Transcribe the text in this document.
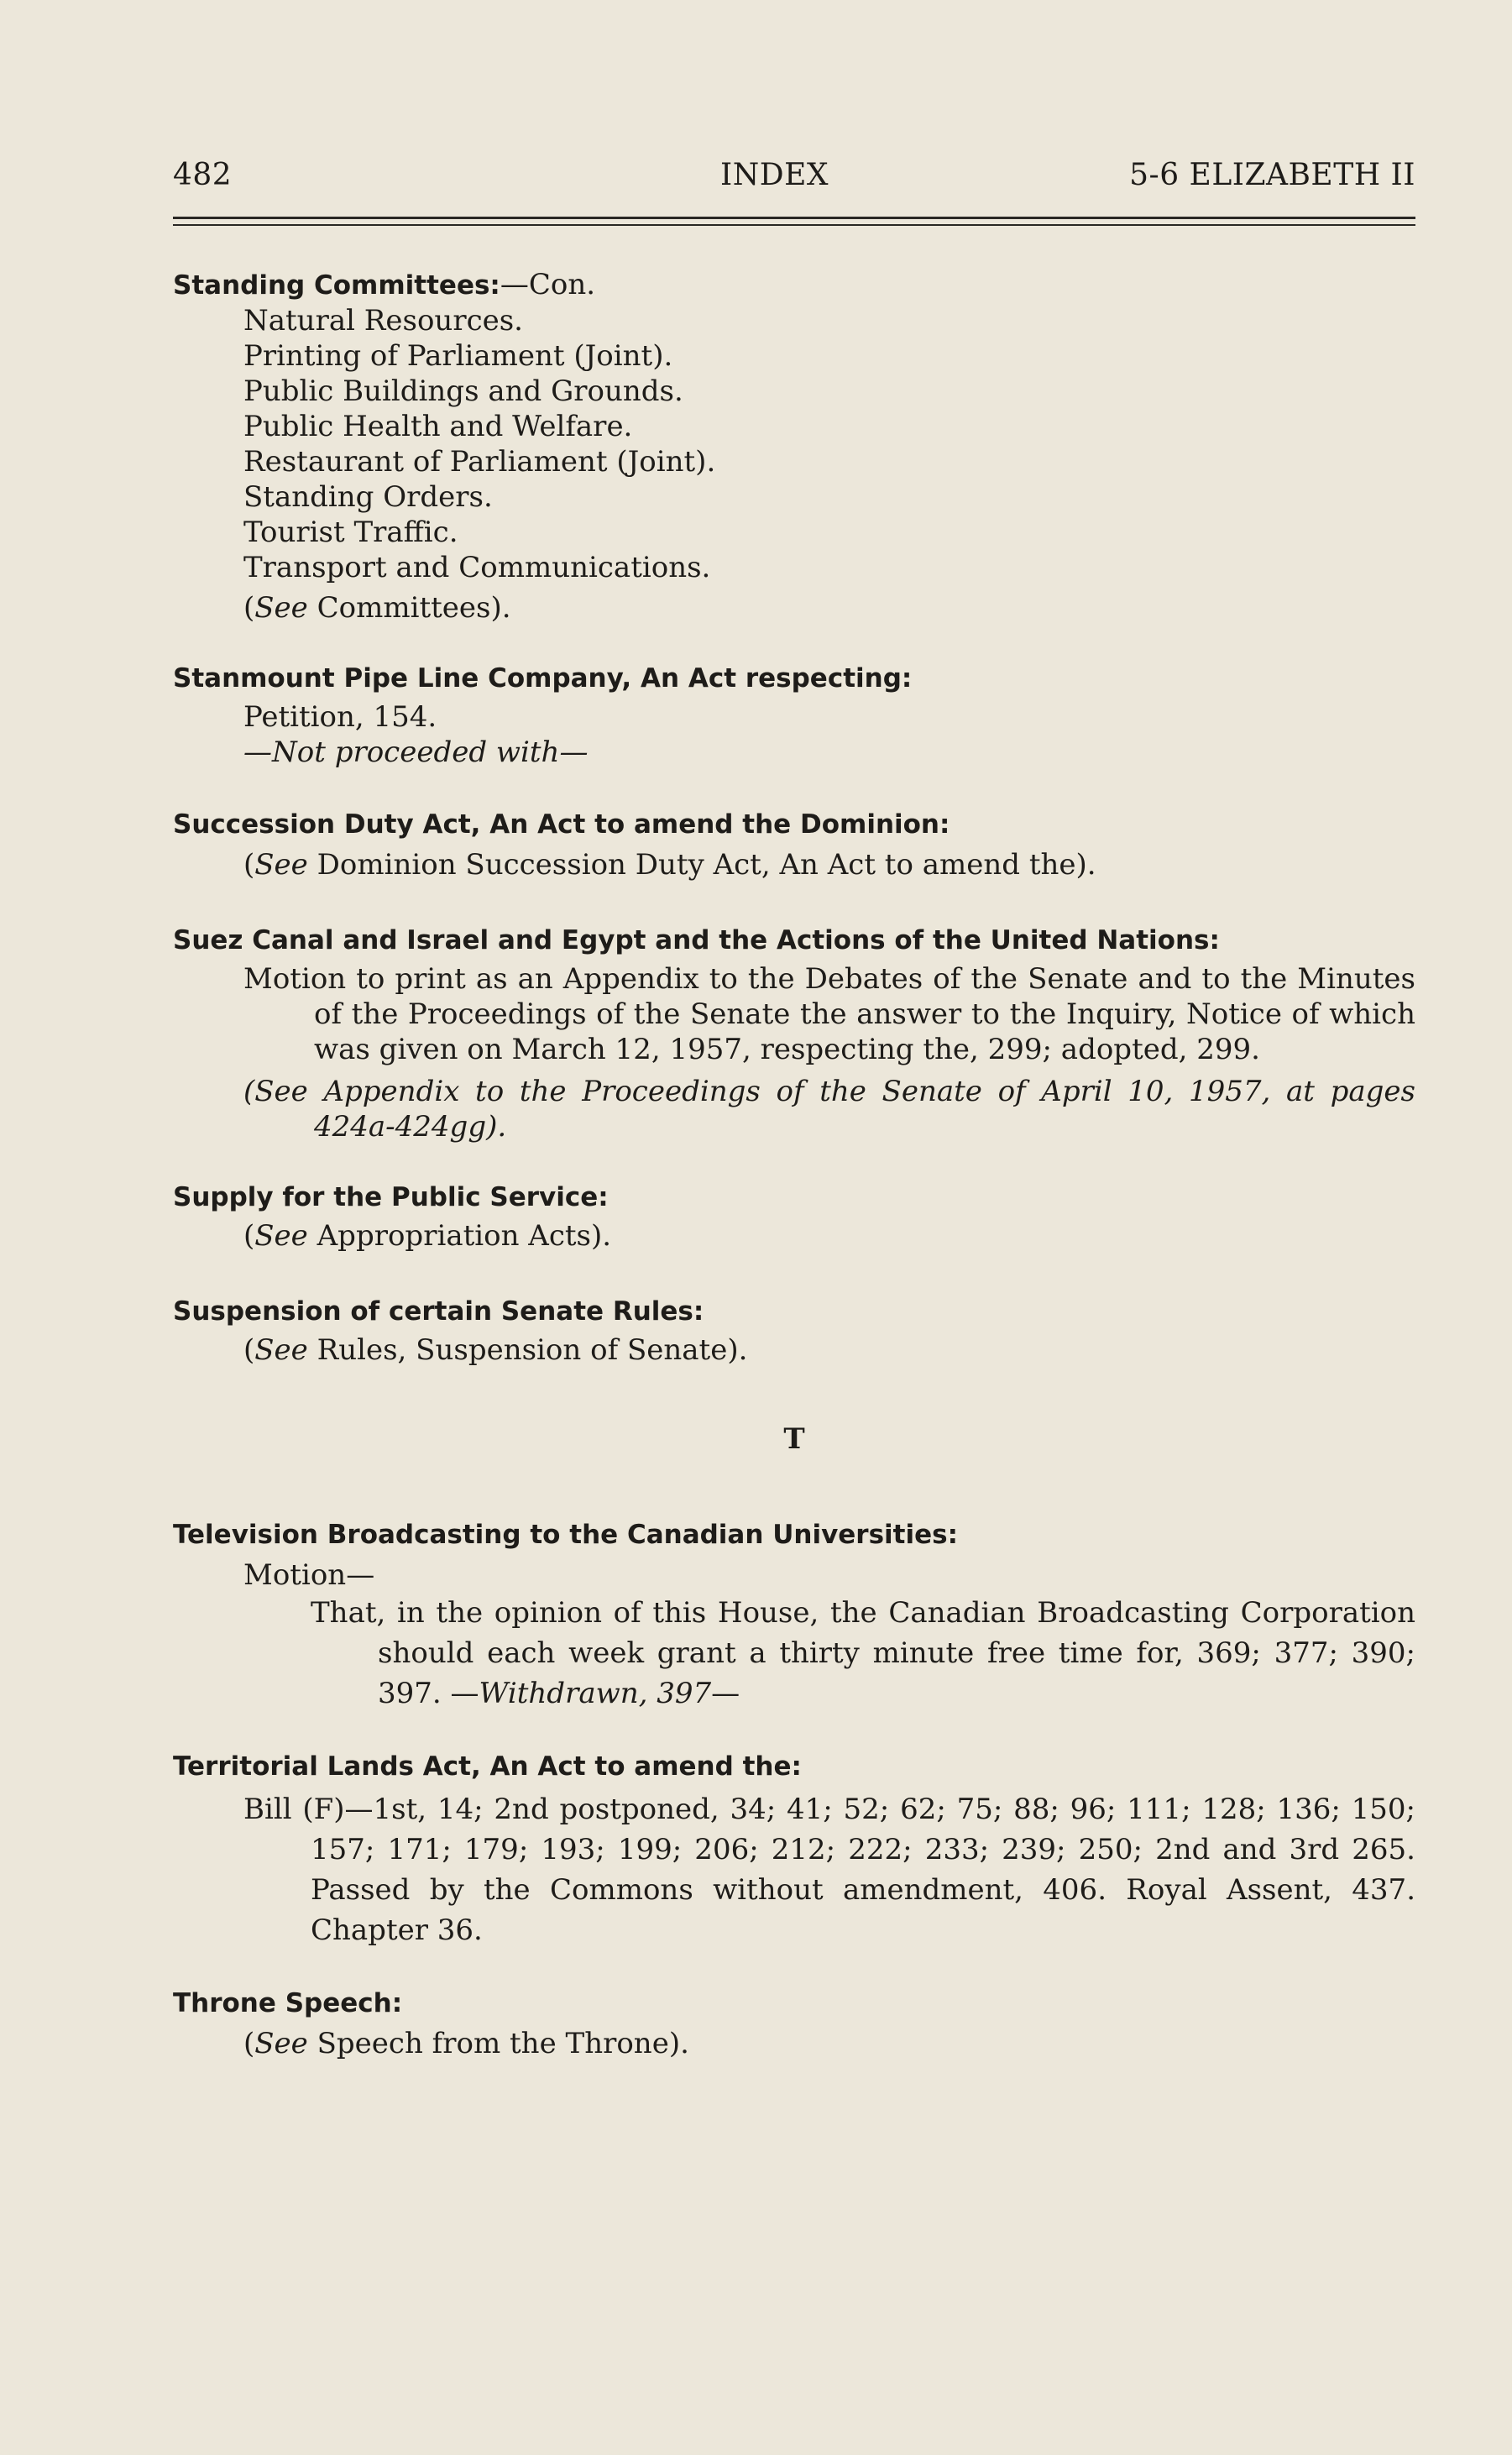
482	INDEX	5-6 ELIZABETH II
Standing Committees:—Con.
Natural Resources.
Printing of Parliament (Joint).
Public Buildings and Grounds.
Public Health and Welfare.
Restaurant of Parliament (Joint).
Standing Orders.
Tourist Traffic.
Transport and Communications.
(See Committees).
Stanmount Pipe Line Company, An Act respecting:
Petition, 154.
—Not proceeded with—
Succession Duty Act, An Act to amend the Dominion:
(See Dominion Succession Duty Act, An Act to amend the).
Suez Canal and Israel and Egypt and the Actions of the United Nations:
Motion to print as an Appendix to the Debates of the Senate and to the Minutes of the Proceedings of the Senate the answer to the Inquiry, Notice of which was given on March 12, 1957, respecting the, 299; adopted, 299.
(See Appendix to the Proceedings of the Senate of April 10, 1957, at pages 424a-424gg).
Supply for the Public Service:
(See Appropriation Acts).
Suspension of certain Senate Rules:
(See Rules, Suspension of Senate).
T
Television Broadcasting to the Canadian Universities:
Motion—
That, in the opinion of this House, the Canadian Broadcasting Corporation should each week grant a thirty minute free time for, 369; 377; 390; 397. —Withdrawn, 397—
Territorial Lands Act, An Act to amend the:
Bill (F)—1st, 14; 2nd postponed, 34; 41; 52; 62; 75; 88; 96; 111; 128; 136; 150; 157; 171; 179; 193; 199; 206; 212; 222; 233; 239; 250; 2nd and 3rd 265. Passed by the Commons without amendment, 406. Royal Assent, 437. Chapter 36.
Throne Speech:
(See Speech from the Throne).
